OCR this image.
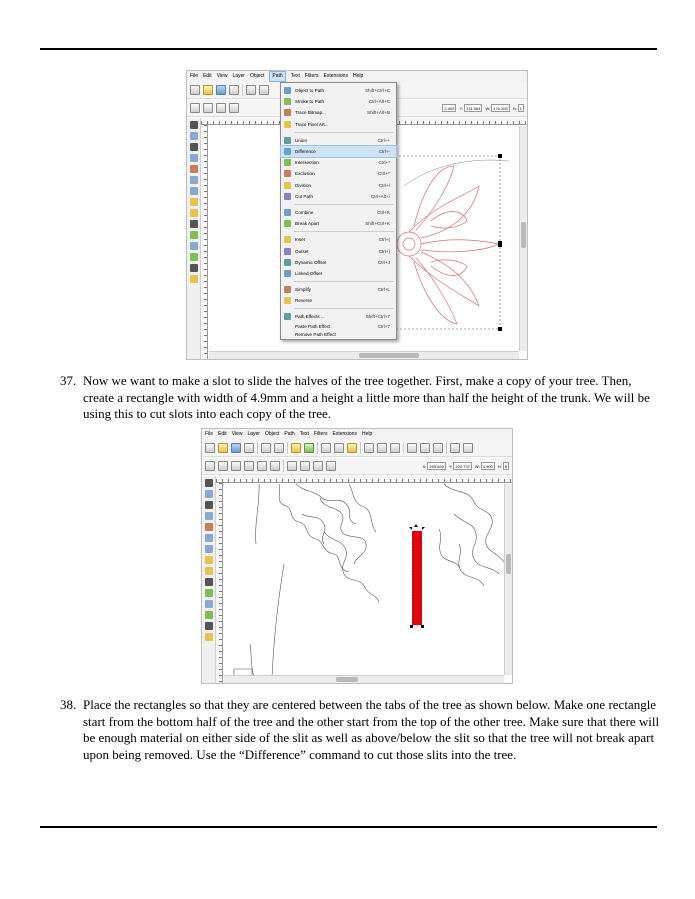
File Edit View Layer Object	Path	Text Filters Extensions Help
2.409	Y: 131.064	W: 170.205	H: 1
Object to Path	Shift+Ctrl+C
Stroke to Path	Ctrl+Alt+C
Trace Bitmap...	Shift+Alt+B
Trace Pixel Art...
Union	Ctrl++
Difference	Ctrl+-
Intersection	Ctrl+*
Exclusion	Ctrl+^
Division	Ctrl+/
Cut Path	Ctrl+Alt+/
Combine	Ctrl+K
Break Apart	Shift+Ctrl+K
Inset	Ctrl+(
Outset	Ctrl+)
Dynamic Offset	Ctrl+J
Linked Offset
Simplify	Ctrl+L
Reverse
Path Effects ...	Shift+Ctrl+7
Paste Path Effect	Ctrl+7
Remove Path Effect
37. Now we want to make a slot to slide the halves of the tree together. First, make a copy of your tree. Then, create a rectangle with width of 4.9mm and a height a little more than half the height of the trunk. We will be using this to cut slots into each copy of the tree.
File Edit View Layer Object Path Text Filters Extensions Help
X: 255.620	Y: 220.737	W: 4.900	H: 8
38. Place the rectangles so that they are centered between the tabs of the tree as shown below. Make one rectangle start from the bottom half of the tree and the other start from the top of the other tree. Make sure that there will be enough material on either side of the slit as well as above/below the slit so that the tree will not break apart upon being removed. Use the “Difference” command to cut those slits into the tree.
